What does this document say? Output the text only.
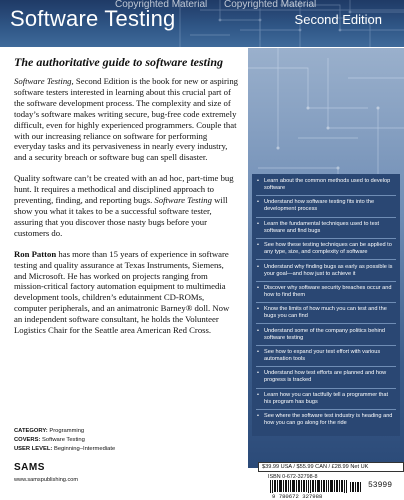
Copyrighted Material Copyrighted Material
Software Testing	Second Edition
The authoritative guide to software testing

Software Testing, Second Edition is the book for new or aspiring software testers interested in learning about this crucial part of the software development process. The complexity and size of today’s software makes writing secure, bug-free code extremely difficult, even for highly experienced programmers. Couple that with our increasing reliance on software for performing everyday tasks and its pervasiveness in nearly every industry, and a security breach or software bug can spell disaster.

Quality software can’t be created with an ad hoc, part-time bug hunt. It requires a methodical and disciplined approach to preventing, finding, and reporting bugs. Software Testing will show you what it takes to be a successful software tester, assuring that you discover those nasty bugs before your customers do.

Ron Patton has more than 15 years of experience in software testing and quality assurance at Texas Instruments, Siemens, and Microsoft. He has worked on projects ranging from mission-critical factory automation equipment to multimedia development tools, children’s edutainment CD-ROMs, computer peripherals, and an animatronic Barney® doll. Now an independent software consultant, he holds the Volunteer Logistics Chair for the Seattle area American Red Cross.

• Learn about the common methods used to develop software
• Understand how software testing fits into the development process
• Learn the fundamental techniques used to test software and find bugs
• See how these testing techniques can be applied to any type, size, and complexity of software
• Understand why finding bugs as early as possible is your goal—and how just to achieve it
• Discover why software security breaches occur and how to find them
• Know the limits of how much you can test and the bugs you can find
• Understand some of the company politics behind software testing
• See how to expand your test effort with various automation tools
• Understand how test efforts are planned and how progress is tracked
• Learn how you can tactfully tell a programmer that his program has bugs
• See where the software test industry is heading and how you can go along for the ride
CATEGORY: Programming
COVERS: Software Testing
USER LEVEL: Beginning–Intermediate
SAMS
www.samspublishing.com
$39.99 USA / $55.99 CAN / £28.99 Net UK
ISBN 0-672-32798-8
9 780672 327988
53999
